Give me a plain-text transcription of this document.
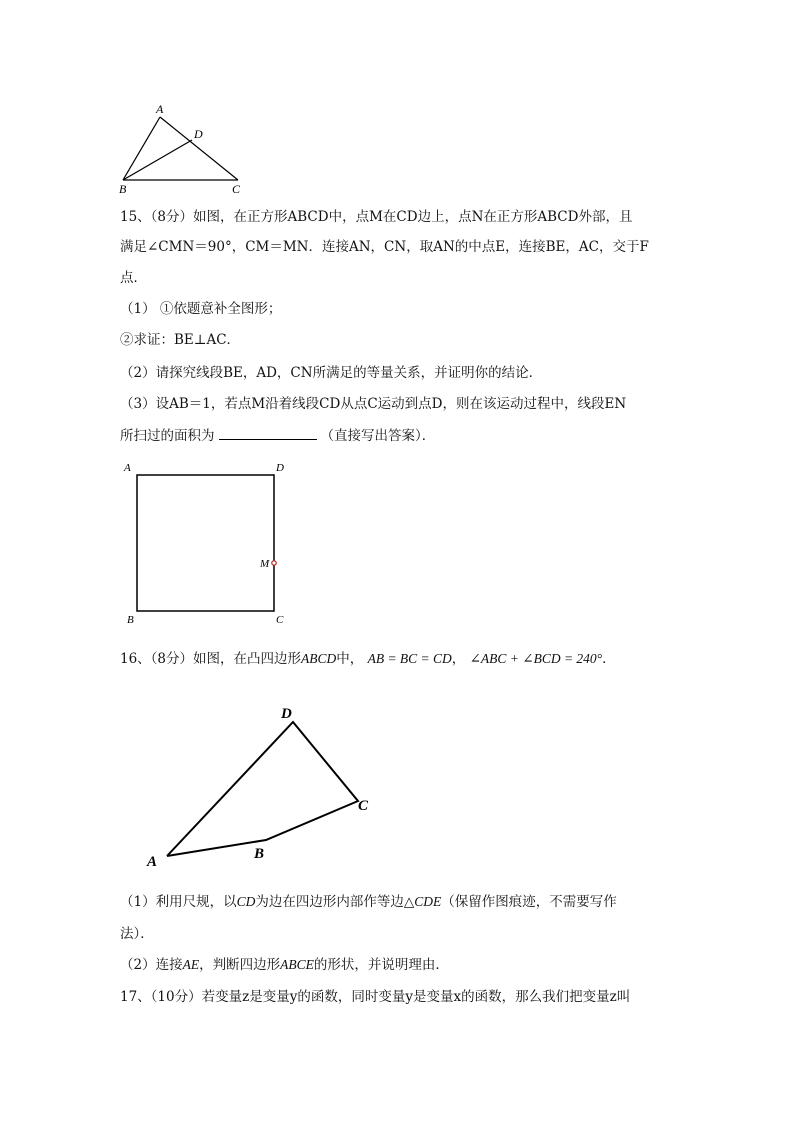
A
D
B	C
15、（8分）如图，在正方形ABCD中，点M在CD边上，点N在正方形ABCD外部，且
满足∠CMN＝90°，CM＝MN．连接AN，CN，取AN的中点E，连接BE，AC，交于F
点．
（1） ①依题意补全图形；
②求证：BE⊥AC．
（2）请探究线段BE，AD，CN所满足的等量关系，并证明你的结论．
（3）设AB＝1，若点M沿着线段CD从点C运动到点D，则在该运动过程中，线段EN
所扫过的面积为	（直接写出答案）．
A	D
M
B	C
16、（8分）如图，在凸四边形ABCD中， AB = BC = CD， ∠ABC + ∠BCD = 240°．
D
C
B
A
（1）利用尺规，以CD为边在四边形内部作等边△CDE（保留作图痕迹，不需要写作
法）．
（2）连接AE，判断四边形ABCE的形状，并说明理由．
17、（10分）若变量z是变量y的函数，同时变量y是变量x的函数，那么我们把变量z叫
